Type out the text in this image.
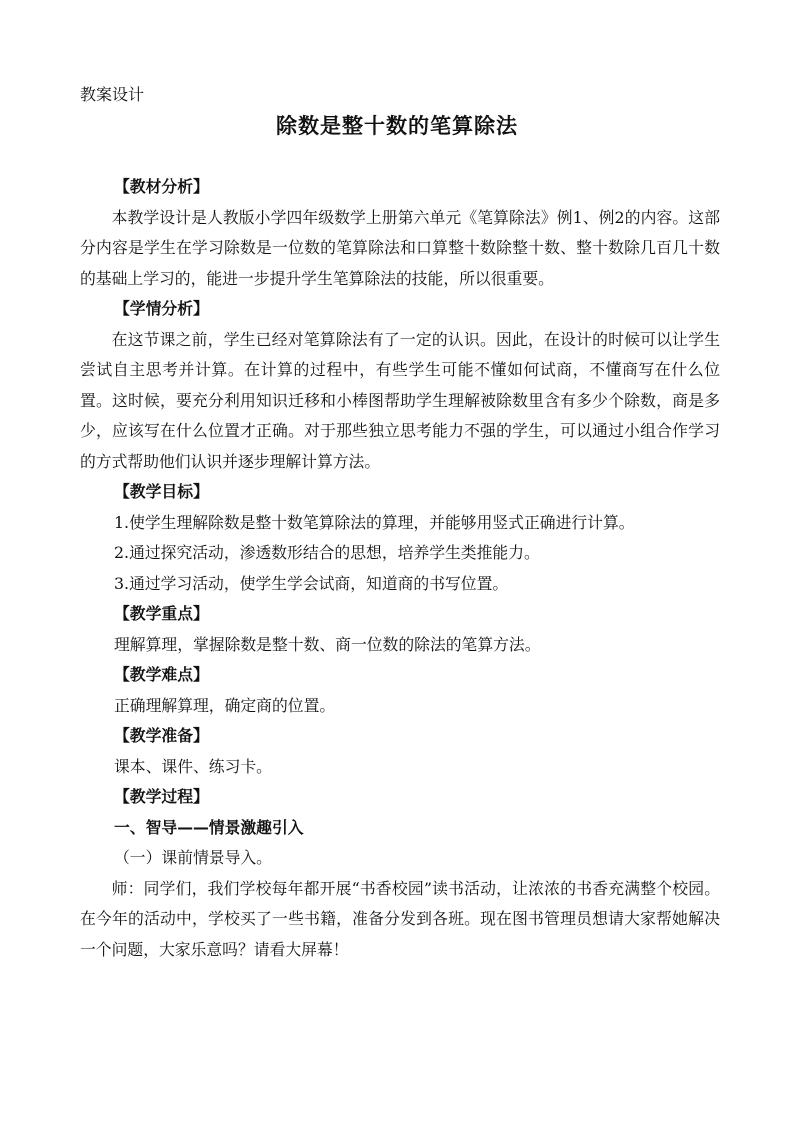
教案设计
除数是整十数的笔算除法
【教材分析】

本教学设计是人教版小学四年级数学上册第六单元《笔算除法》例1、例2的内容。这部分内容是学生在学习除数是一位数的笔算除法和口算整十数除整十数、整十数除几百几十数的基础上学习的，能进一步提升学生笔算除法的技能，所以很重要。

【学情分析】

在这节课之前，学生已经对笔算除法有了一定的认识。因此，在设计的时候可以让学生尝试自主思考并计算。在计算的过程中，有些学生可能不懂如何试商，不懂商写在什么位置。这时候，要充分利用知识迁移和小棒图帮助学生理解被除数里含有多少个除数，商是多少，应该写在什么位置才正确。对于那些独立思考能力不强的学生，可以通过小组合作学习的方式帮助他们认识并逐步理解计算方法。

【教学目标】

1.使学生理解除数是整十数笔算除法的算理，并能够用竖式正确进行计算。

2.通过探究活动，渗透数形结合的思想，培养学生类推能力。

3.通过学习活动，使学生学会试商，知道商的书写位置。

【教学重点】

理解算理，掌握除数是整十数、商一位数的除法的笔算方法。

【教学难点】

正确理解算理，确定商的位置。

【教学准备】

课本、课件、练习卡。

【教学过程】
一、智导——情景激趣引入

（一）课前情景导入。

师：同学们，我们学校每年都开展“书香校园”读书活动，让浓浓的书香充满整个校园。在今年的活动中，学校买了一些书籍，准备分发到各班。现在图书管理员想请大家帮她解决一个问题，大家乐意吗？请看大屏幕！
